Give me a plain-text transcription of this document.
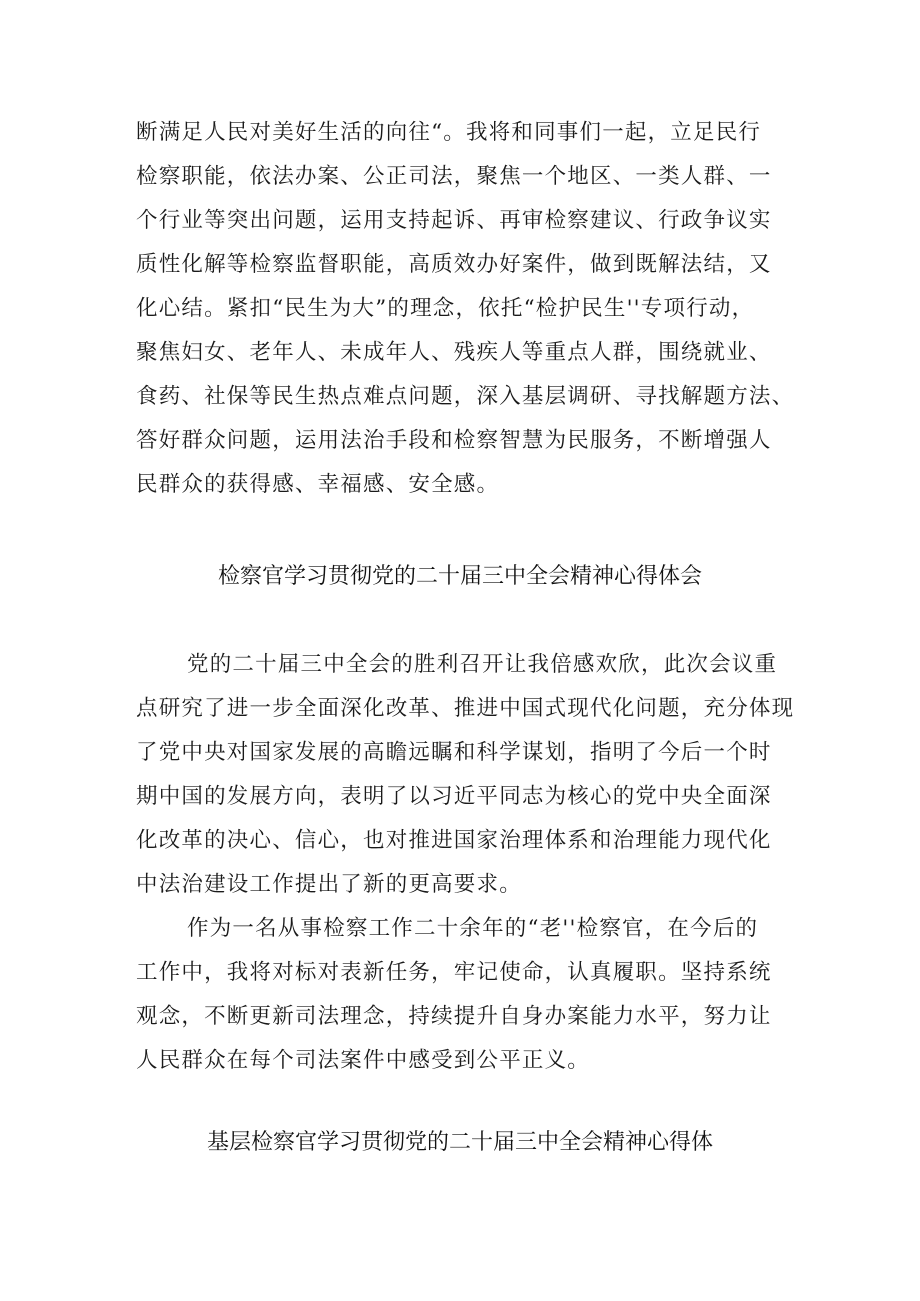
断满足人民对美好生活的向往“。我将和同事们一起，立足民行
检察职能，依法办案、公正司法，聚焦一个地区、一类人群、一
个行业等突出问题，运用支持起诉、再审检察建议、行政争议实
质性化解等检察监督职能，高质效办好案件，做到既解法结，又
化心结。紧扣“民生为大”的理念，依托“检护民生''专项行动，
聚焦妇女、老年人、未成年人、残疾人等重点人群，围绕就业、
食药、社保等民生热点难点问题，深入基层调研、寻找解题方法、
答好群众问题，运用法治手段和检察智慧为民服务，不断增强人
民群众的获得感、幸福感、安全感。
检察官学习贯彻党的二十届三中全会精神心得体会
党的二十届三中全会的胜利召开让我倍感欢欣，此次会议重
点研究了进一步全面深化改革、推进中国式现代化问题，充分体现
了党中央对国家发展的高瞻远瞩和科学谋划，指明了今后一个时
期中国的发展方向，表明了以习近平同志为核心的党中央全面深
化改革的决心、信心，也对推进国家治理体系和治理能力现代化
中法治建设工作提出了新的更高要求。
作为一名从事检察工作二十余年的“老''检察官，在今后的
工作中，我将对标对表新任务，牢记使命，认真履职。坚持系统
观念，不断更新司法理念，持续提升自身办案能力水平，努力让
人民群众在每个司法案件中感受到公平正义。
基层检察官学习贯彻党的二十届三中全会精神心得体
